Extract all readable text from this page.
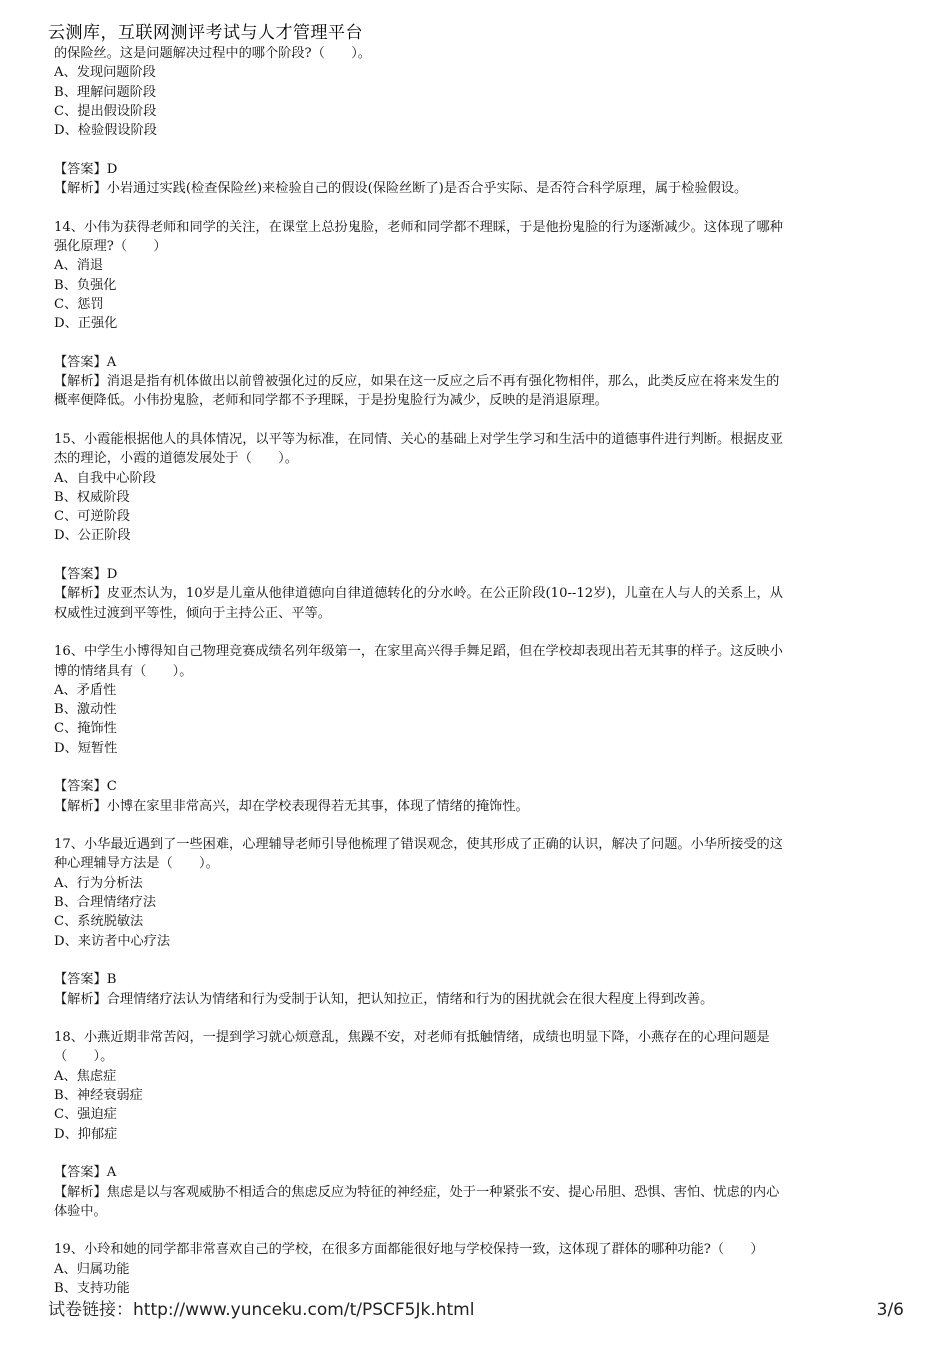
云测库，互联网测评考试与人才管理平台
的保险丝。这是问题解决过程中的哪个阶段?（　　）。
A、发现问题阶段
B、理解问题阶段
C、提出假设阶段
D、检验假设阶段
【答案】D
【解析】小岩通过实践(检查保险丝)来检验自己的假设(保险丝断了)是否合乎实际、是否符合科学原理，属于检验假设。
14、小伟为获得老师和同学的关注，在课堂上总扮鬼脸，老师和同学都不理睬，于是他扮鬼脸的行为逐渐减少。这体现了哪种
强化原理?（　　）
A、消退
B、负强化
C、惩罚
D、正强化
【答案】A
【解析】消退是指有机体做出以前曾被强化过的反应，如果在这一反应之后不再有强化物相伴，那么，此类反应在将来发生的
概率便降低。小伟扮鬼脸，老师和同学都不予理睬，于是扮鬼脸行为减少，反映的是消退原理。
15、小霞能根据他人的具体情况，以平等为标准，在同情、关心的基础上对学生学习和生活中的道德事件进行判断。根据皮亚
杰的理论，小霞的道德发展处于（　　）。
A、自我中心阶段
B、权威阶段
C、可逆阶段
D、公正阶段
【答案】D
【解析】皮亚杰认为，10岁是儿童从他律道德向自律道德转化的分水岭。在公正阶段(10--12岁)，儿童在人与人的关系上，从
权威性过渡到平等性，倾向于主持公正、平等。
16、中学生小博得知自己物理竞赛成绩名列年级第一，在家里高兴得手舞足蹈，但在学校却表现出若无其事的样子。这反映小
博的情绪具有（　　）。
A、矛盾性
B、激动性
C、掩饰性
D、短暂性
【答案】C
【解析】小博在家里非常高兴，却在学校表现得若无其事，体现了情绪的掩饰性。
17、小华最近遇到了一些困难，心理辅导老师引导他梳理了错误观念，使其形成了正确的认识，解决了问题。小华所接受的这
种心理辅导方法是（　　）。
A、行为分析法
B、合理情绪疗法
C、系统脱敏法
D、来访者中心疗法
【答案】B
【解析】合理情绪疗法认为情绪和行为受制于认知，把认知拉正，情绪和行为的困扰就会在很大程度上得到改善。
18、小燕近期非常苦闷，一提到学习就心烦意乱，焦躁不安，对老师有抵触情绪，成绩也明显下降，小燕存在的心理问题是
（　　）。
A、焦虑症
B、神经衰弱症
C、强迫症
D、抑郁症
【答案】A
【解析】焦虑是以与客观威胁不相适合的焦虑反应为特征的神经症，处于一种紧张不安、提心吊胆、恐惧、害怕、忧虑的内心
体验中。
19、小玲和她的同学都非常喜欢自己的学校，在很多方面都能很好地与学校保持一致，这体现了群体的哪种功能?（　　）
A、归属功能
B、支持功能
试卷链接：http://www.yunceku.com/t/PSCF5Jk.html	3/6
